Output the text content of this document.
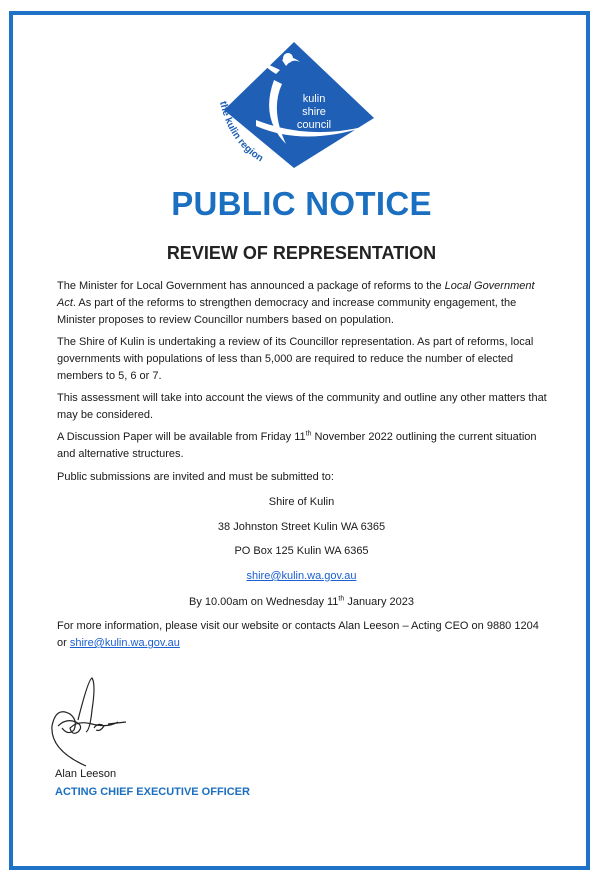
kulin
shire
council
the kulin region
PUBLIC NOTICE
REVIEW OF REPRESENTATION
The Minister for Local Government has announced a package of reforms to the Local Government Act. As part of the reforms to strengthen democracy and increase community engagement, the Minister proposes to review Councillor numbers based on population.
The Shire of Kulin is undertaking a review of its Councillor representation. As part of reforms, local governments with populations of less than 5,000 are required to reduce the number of elected members to 5, 6 or 7.
This assessment will take into account the views of the community and outline any other matters that may be considered.
A Discussion Paper will be available from Friday 11th November 2022 outlining the current situation and alternative structures.
Public submissions are invited and must be submitted to:
Shire of Kulin
38 Johnston Street Kulin WA 6365
PO Box 125 Kulin WA 6365
shire@kulin.wa.gov.au
By 10.00am on Wednesday 11th January 2023
For more information, please visit our website or contacts Alan Leeson – Acting CEO on 9880 1204 or shire@kulin.wa.gov.au
Alan Leeson
ACTING CHIEF EXECUTIVE OFFICER
